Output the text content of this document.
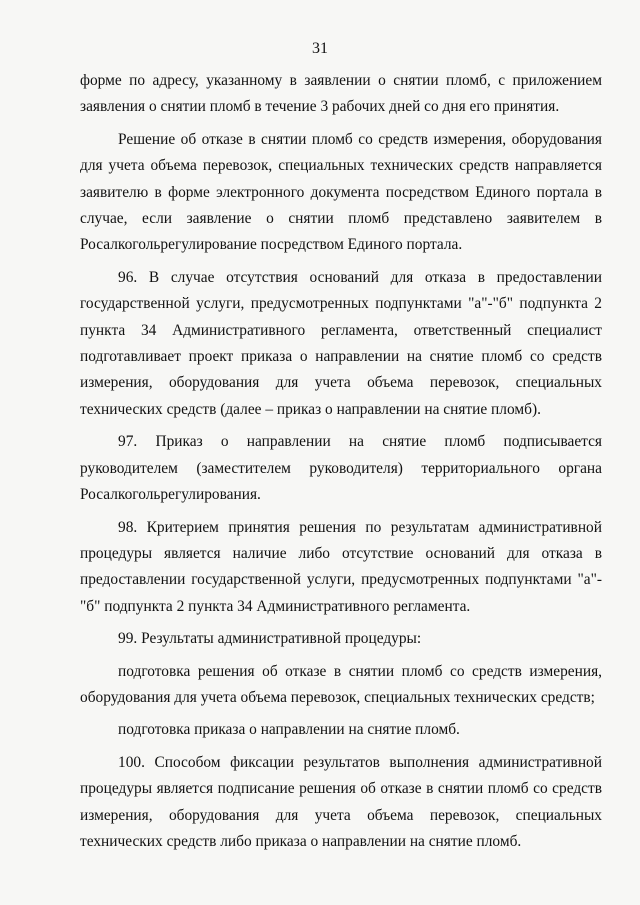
31

форме по адресу, указанному в заявлении о снятии пломб, с приложением заявления о снятии пломб в течение 3 рабочих дней со дня его принятия.

Решение об отказе в снятии пломб со средств измерения, оборудования для учета объема перевозок, специальных технических средств направляется заявителю в форме электронного документа посредством Единого портала в случае, если заявление о снятии пломб представлено заявителем в Росалкогольрегулирование посредством Единого портала.

96. В случае отсутствия оснований для отказа в предоставлении государственной услуги, предусмотренных подпунктами "а"-"б" подпункта 2 пункта 34 Административного регламента, ответственный специалист подготавливает проект приказа о направлении на снятие пломб со средств измерения, оборудования для учета объема перевозок, специальных технических средств (далее – приказ о направлении на снятие пломб).

97. Приказ о направлении на снятие пломб подписывается руководителем (заместителем руководителя) территориального органа Росалкогольрегулирования.

98. Критерием принятия решения по результатам административной процедуры является наличие либо отсутствие оснований для отказа в предоставлении государственной услуги, предусмотренных подпунктами "а"-"б" подпункта 2 пункта 34 Административного регламента.

99. Результаты административной процедуры:

подготовка решения об отказе в снятии пломб со средств измерения, оборудования для учета объема перевозок, специальных технических средств;

подготовка приказа о направлении на снятие пломб.

100. Способом фиксации результатов выполнения административной процедуры является подписание решения об отказе в снятии пломб со средств измерения, оборудования для учета объема перевозок, специальных технических средств либо приказа о направлении на снятие пломб.
